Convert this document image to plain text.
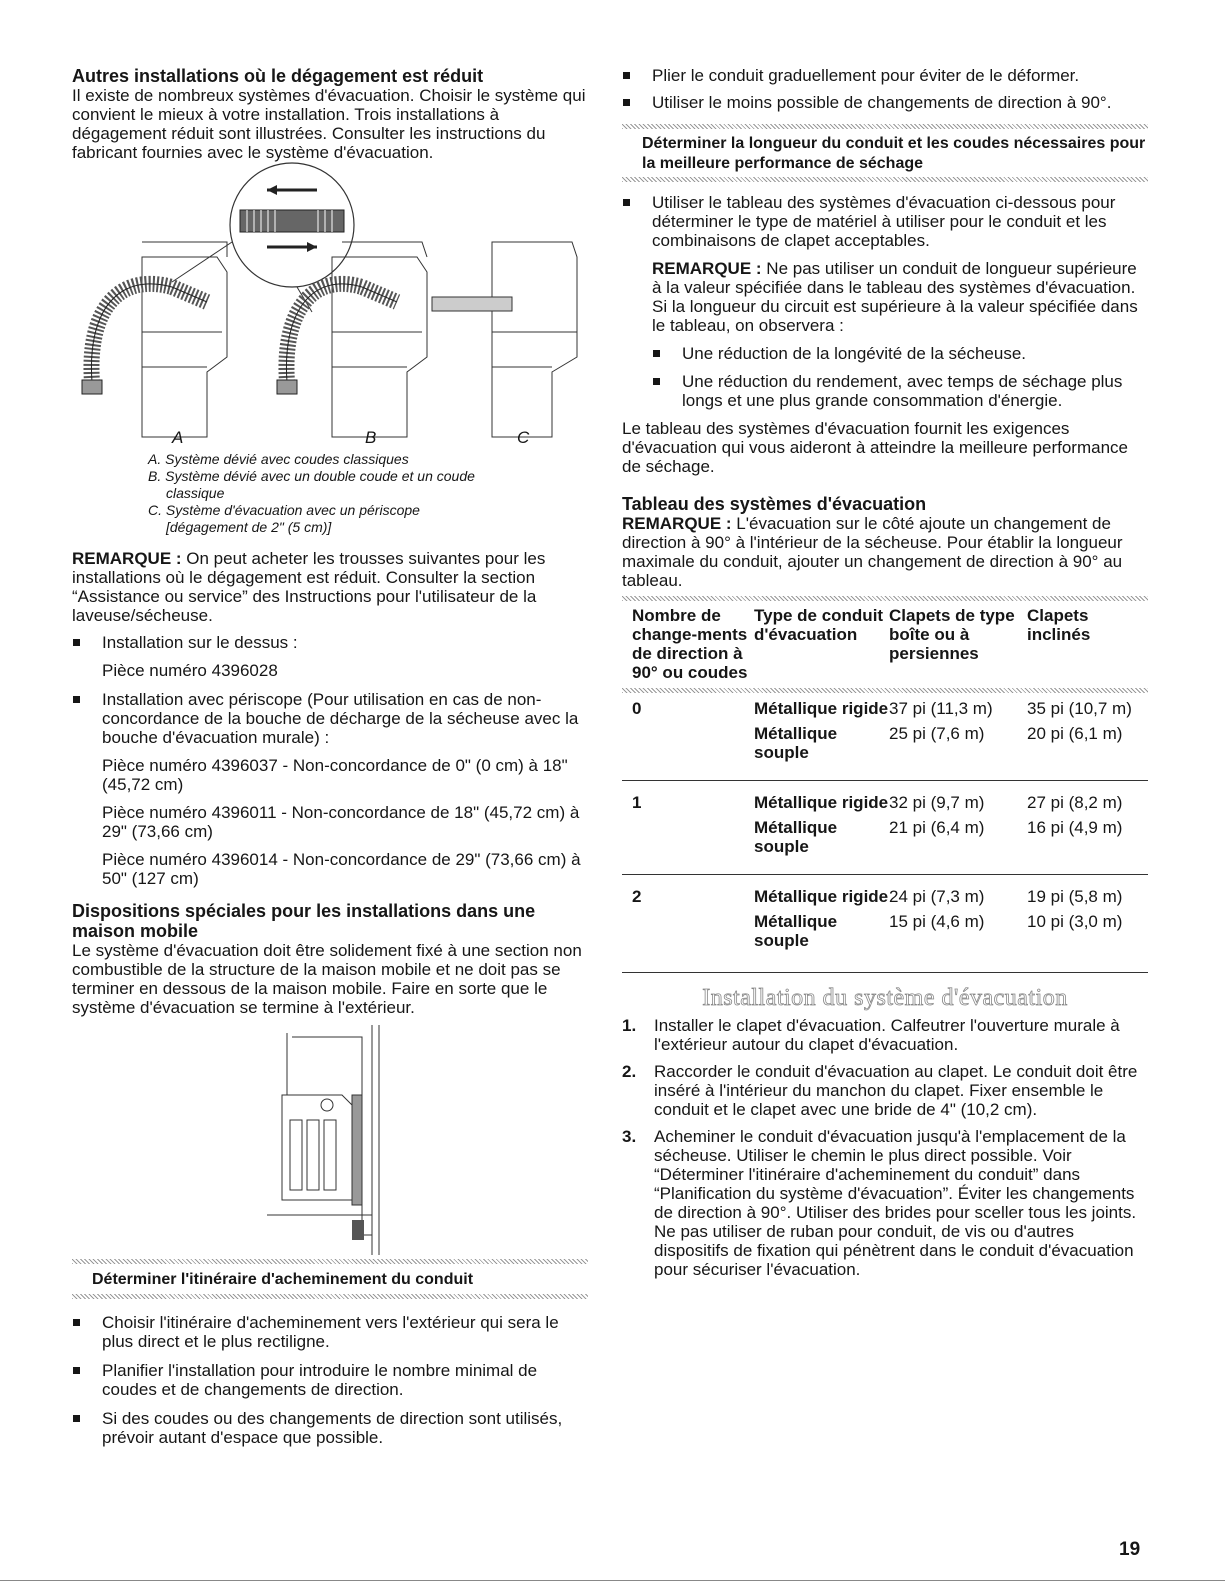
Autres installations où le dégagement est réduit

Il existe de nombreux systèmes d'évacuation. Choisir le système qui convient le mieux à votre installation. Trois installations à dégagement réduit sont illustrées. Consulter les instructions du fabricant fournies avec le système d'évacuation.

A	B	C

A. Système dévié avec coudes classiques

B. Système dévié avec un double coude et un coude

classique

C. Système d'évacuation avec un périscope

[dégagement de 2" (5 cm)]

REMARQUE : On peut acheter les trousses suivantes pour les installations où le dégagement est réduit. Consulter la section “Assistance ou service” des Instructions pour l'utilisateur de la laveuse/sécheuse.

Installation sur le dessus :

Pièce numéro 4396028

Installation avec périscope (Pour utilisation en cas de non-concordance de la bouche de décharge de la sécheuse avec la bouche d'évacuation murale) :

Pièce numéro 4396037 - Non-concordance de 0" (0 cm) à 18" (45,72 cm)

Pièce numéro 4396011 - Non-concordance de 18" (45,72 cm) à 29" (73,66 cm)

Pièce numéro 4396014 - Non-concordance de 29" (73,66 cm) à 50" (127 cm)

Dispositions spéciales pour les installations dans une maison mobile

Le système d'évacuation doit être solidement fixé à une section non combustible de la structure de la maison mobile et ne doit pas se terminer en dessous de la maison mobile. Faire en sorte que le système d'évacuation se termine à l'extérieur.

Déterminer l'itinéraire d'acheminement du conduit

Choisir l'itinéraire d'acheminement vers l'extérieur qui sera le plus direct et le plus rectiligne.

Planifier l'installation pour introduire le nombre minimal de coudes et de changements de direction.

Si des coudes ou des changements de direction sont utilisés, prévoir autant d'espace que possible.

Plier le conduit graduellement pour éviter de le déformer.

Utiliser le moins possible de changements de direction à 90°.

Déterminer la longueur du conduit et les coudes nécessaires pour la meilleure performance de séchage

Utiliser le tableau des systèmes d'évacuation ci-dessous pour déterminer le type de matériel à utiliser pour le conduit et les combinaisons de clapet acceptables.

REMARQUE : Ne pas utiliser un conduit de longueur supérieure à la valeur spécifiée dans le tableau des systèmes d'évacuation. Si la longueur du circuit est supérieure à la valeur spécifiée dans le tableau, on observera :

Une réduction de la longévité de la sécheuse.

Une réduction du rendement, avec temps de séchage plus longs et une plus grande consommation d'énergie.

Le tableau des systèmes d'évacuation fournit les exigences d'évacuation qui vous aideront à atteindre la meilleure performance de séchage.

Tableau des systèmes d'évacuation

REMARQUE : L'évacuation sur le côté ajoute un changement de direction à 90° à l'intérieur de la sécheuse. Pour établir la longueur maximale du conduit, ajouter un changement de direction à 90° au tableau.

Nombre de change-ments de direction à 90° ou coudes	Type de conduit d'évacuation	Clapets de type boîte ou à persiennes	Clapets inclinés
0	Métallique rigide	37 pi (11,3 m)	35 pi (10,7 m)
	Métallique souple	25 pi (7,6 m)	20 pi (6,1 m)
1	Métallique rigide	32 pi (9,7 m)	27 pi (8,2 m)
	Métallique souple	21 pi (6,4 m)	16 pi (4,9 m)
2	Métallique rigide	24 pi (7,3 m)	19 pi (5,8 m)
	Métallique souple	15 pi (4,6 m)	10 pi (3,0 m)

Installation du système d'évacuation

1. Installer le clapet d'évacuation. Calfeutrer l'ouverture murale à l'extérieur autour du clapet d'évacuation.

2. Raccorder le conduit d'évacuation au clapet. Le conduit doit être inséré à l'intérieur du manchon du clapet. Fixer ensemble le conduit et le clapet avec une bride de 4" (10,2 cm).

3. Acheminer le conduit d'évacuation jusqu'à l'emplacement de la sécheuse. Utiliser le chemin le plus direct possible. Voir “Déterminer l'itinéraire d'acheminement du conduit” dans “Planification du système d'évacuation”. Éviter les changements de direction à 90°. Utiliser des brides pour sceller tous les joints. Ne pas utiliser de ruban pour conduit, de vis ou d'autres dispositifs de fixation qui pénètrent dans le conduit d'évacuation pour sécuriser l'évacuation.

19
